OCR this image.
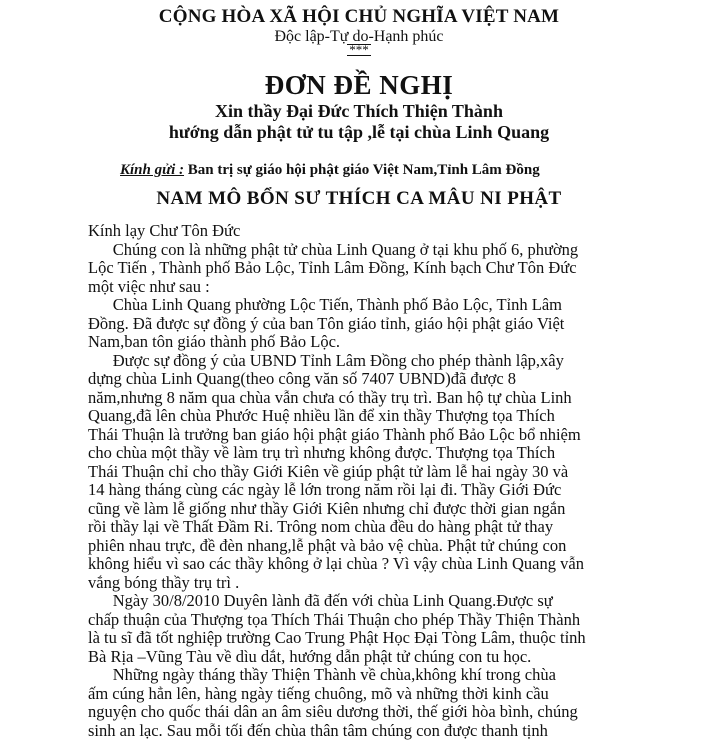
CỘNG HÒA XÃ HỘI CHỦ NGHĨA VIỆT NAM
Độc lập-Tự do-Hạnh phúc
***
ĐƠN ĐỀ NGHỊ
Xin thầy Đại Đức Thích Thiện Thành
hướng dẫn phật tử tu tập ,lễ tại chùa Linh Quang
Kính gửi : Ban trị sự giáo hội phật giáo Việt Nam,Tỉnh Lâm Đồng
NAM MÔ BỔN SƯ THÍCH CA MÂU NI PHẬT
Kính lạy Chư Tôn Đức
Chúng con là những phật tử chùa Linh Quang ở tại khu phố 6, phường
Lộc Tiến , Thành phố Bảo Lộc, Tỉnh Lâm Đồng, Kính bạch Chư Tôn Đức
một việc như sau :
Chùa Linh Quang phường Lộc Tiến, Thành phố Bảo Lộc, Tỉnh Lâm
Đồng. Đã được sự đồng ý của ban Tôn giáo tỉnh, giáo hội phật giáo Việt
Nam,ban tôn giáo thành phố Bảo Lộc.
Được sự đồng ý của UBND Tỉnh Lâm Đồng cho phép thành lập,xây
dựng chùa Linh Quang(theo công văn số 7407 UBND)đã được 8
năm,nhưng 8 năm qua chùa vẫn chưa có thầy trụ trì. Ban hộ tự chùa Linh
Quang,đã lên chùa Phước Huệ nhiều lần để xin thầy Thượng tọa Thích
Thái Thuận là trưởng ban giáo hội phật giáo Thành phố Bảo Lộc bổ nhiệm
cho chùa một thầy về làm trụ trì nhưng không được. Thượng tọa Thích
Thái Thuận chỉ cho thầy Giới Kiên về giúp phật tử làm lễ hai ngày 30 và
14 hàng tháng cùng các ngày lễ lớn trong năm rồi lại đi. Thầy Giới Đức
cũng về làm lễ giống như thầy Giới Kiên nhưng chỉ được thời gian ngắn
rồi thầy lại về Thất Đầm Ri. Trông nom chùa đều do hàng phật tử thay
phiên nhau trực, đề đèn nhang,lễ phật và bảo vệ chùa. Phật tử chúng con
không hiểu vì sao các thầy không ở lại chùa ? Vì vậy chùa Linh Quang vẫn
vắng bóng thầy trụ trì .
Ngày 30/8/2010 Duyên lành đã đến với chùa Linh Quang.Được sự
chấp thuận của Thượng tọa Thích Thái Thuận cho phép Thầy Thiện Thành
là tu sĩ đã tốt nghiệp trường Cao Trung Phật Học Đại Tòng Lâm, thuộc tỉnh
Bà Rịa –Vũng Tàu về dìu dắt, hướng dẫn phật tử chúng con tu học.
Những ngày tháng thầy Thiện Thành về chùa,không khí trong chùa
ấm cúng hẳn lên, hàng ngày tiếng chuông, mõ và những thời kinh cầu
nguyện cho quốc thái dân an âm siêu dương thời, thế giới hòa bình, chúng
sinh an lạc. Sau mỗi tối đến chùa thân tâm chúng con được thanh tịnh
